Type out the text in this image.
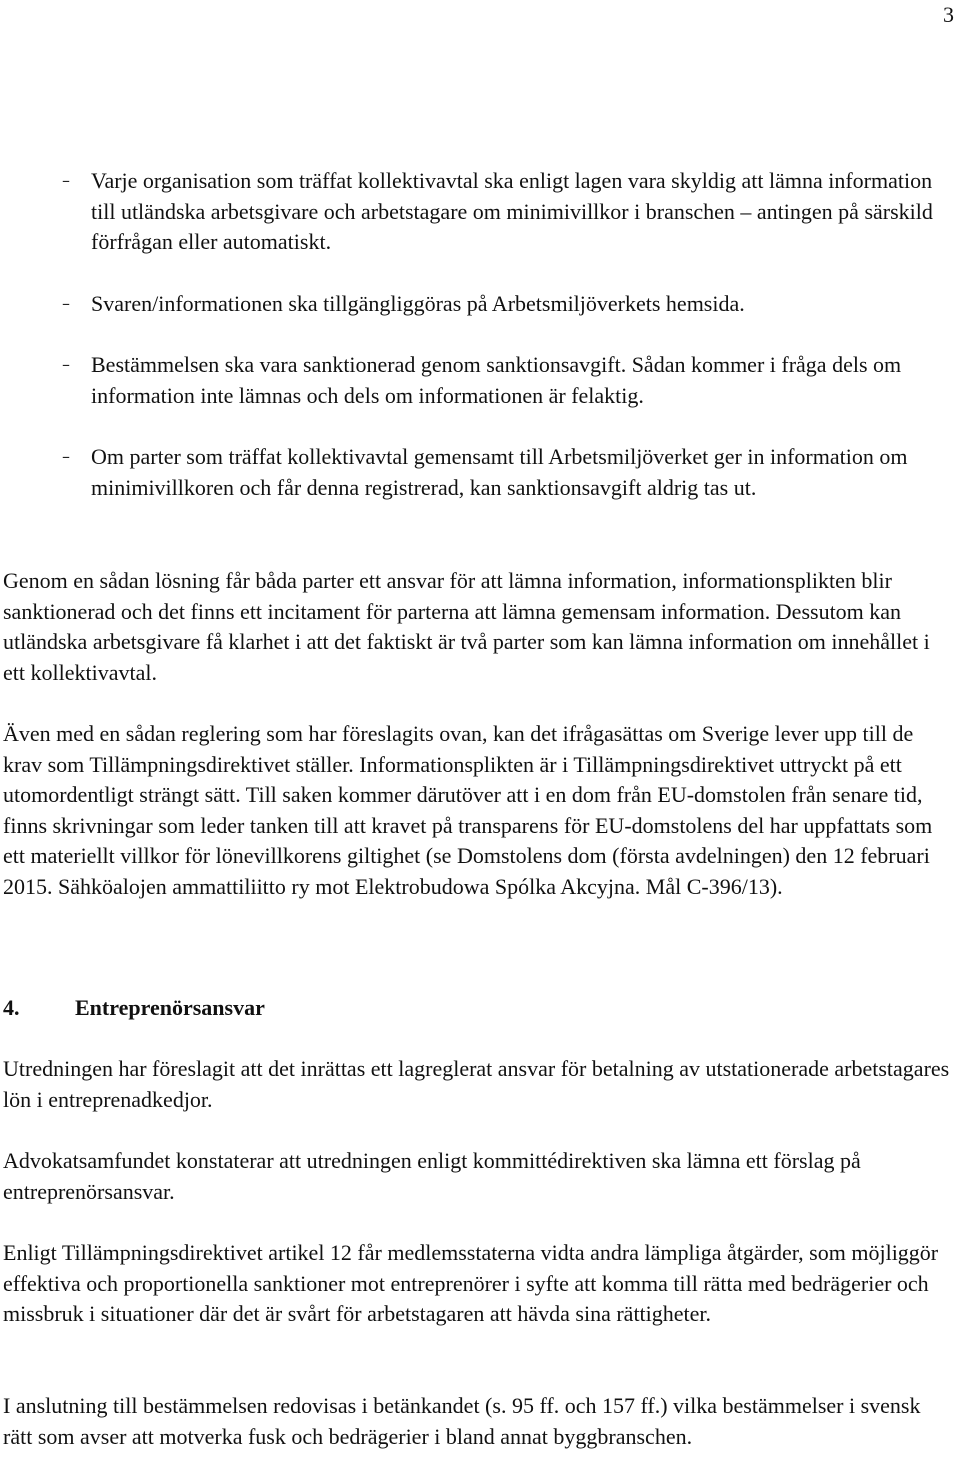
3
– Varje organisation som träffat kollektivavtal ska enligt lagen vara skyldig att lämna information till utländska arbetsgivare och arbetstagare om minimivillkor i branschen – antingen på särskild förfrågan eller automatiskt.
– Svaren/informationen ska tillgängliggöras på Arbetsmiljöverkets hemsida.
– Bestämmelsen ska vara sanktionerad genom sanktionsavgift. Sådan kommer i fråga dels om information inte lämnas och dels om informationen är felaktig.
– Om parter som träffat kollektivavtal gemensamt till Arbetsmiljöverket ger in information om minimivillkoren och får denna registrerad, kan sanktionsavgift aldrig tas ut.

Genom en sådan lösning får båda parter ett ansvar för att lämna information, informationsplikten blir sanktionerad och det finns ett incitament för parterna att lämna gemensam information. Dessutom kan utländska arbetsgivare få klarhet i att det faktiskt är två parter som kan lämna information om innehållet i ett kollektivavtal.

Även med en sådan reglering som har föreslagits ovan, kan det ifrågasättas om Sverige lever upp till de krav som Tillämpningsdirektivet ställer. Informationsplikten är i Tillämpningsdirektivet uttryckt på ett utomordentligt strängt sätt. Till saken kommer därutöver att i en dom från EU-domstolen från senare tid, finns skrivningar som leder tanken till att kravet på transparens för EU-domstolens del har uppfattats som ett materiellt villkor för lönevillkorens giltighet (se Domstolens dom (första avdelningen) den 12 februari 2015. Sähköalojen ammattiliitto ry mot Elektrobudowa Spólka Akcyjna. Mål C-396/13).

4.	Entreprenörsansvar

Utredningen har föreslagit att det inrättas ett lagreglerat ansvar för betalning av utstationerade arbetstagares lön i entreprenadkedjor.

Advokatsamfundet konstaterar att utredningen enligt kommittédirektiven ska lämna ett förslag på entreprenörsansvar.

Enligt Tillämpningsdirektivet artikel 12 får medlemsstaterna vidta andra lämpliga åtgärder, som möjliggör effektiva och proportionella sanktioner mot entreprenörer i syfte att komma till rätta med bedrägerier och missbruk i situationer där det är svårt för arbetstagaren att hävda sina rättigheter.

I anslutning till bestämmelsen redovisas i betänkandet (s. 95 ff. och 157 ff.) vilka bestämmelser i svensk rätt som avser att motverka fusk och bedrägerier i bland annat byggbranschen.
